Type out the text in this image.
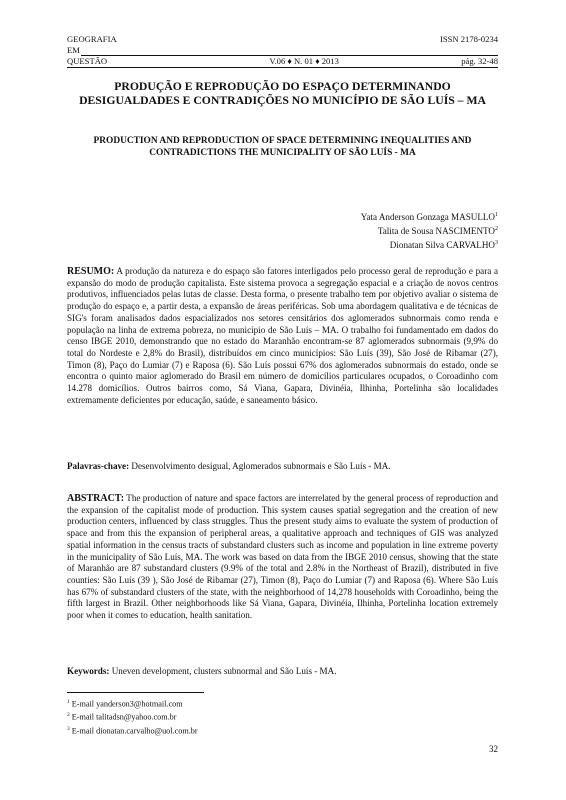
GEOGRAFIA	ISSN 2178-0234
EM
QUESTÃO	V.06 ♦ N. 01 ♦ 2013	pág. 32-48
PRODUÇÃO E REPRODUÇÃO DO ESPAÇO DETERMINANDO DESIGUALDADES E CONTRADIÇÕES NO MUNICÍPIO DE SÃO LUÍS – MA
PRODUCTION AND REPRODUCTION OF SPACE DETERMINING INEQUALITIES AND CONTRADICTIONS THE MUNICIPALITY OF SÃO LUÍS - MA
Yata Anderson Gonzaga MASULLO$^1$
Talita de Sousa NASCIMENTO$^2$
Dionatan Silva CARVALHO$^3$
RESUMO: A produção da natureza e do espaço são fatores interligados pelo processo geral de reprodução e para a expansão do modo de produção capitalista. Este sistema provoca a segregação espacial e a criação de novos centros produtivos, influenciados pelas lutas de classe. Desta forma, o presente trabalho tem por objetivo avaliar o sistema de produção do espaço e, a partir desta, a expansão de áreas periféricas. Sob uma abordagem qualitativa e de técnicas de SIG's foram analisados dados espacializados nos setores censitários dos aglomerados subnormais como renda e população na linha de extrema pobreza, no município de São Luís – MA. O trabalho foi fundamentado em dados do censo IBGE 2010, demonstrando que no estado do Maranhão encontram-se 87 aglomerados subnormais (9,9% do total do Nordeste e 2,8% do Brasil), distribuídos em cinco municípios: São Luís (39), São José de Ribamar (27), Timon (8), Paço do Lumiar (7) e Raposa (6). São Luís possui 67% dos aglomerados subnormais do estado, onde se encontra o quinto maior aglomerado do Brasil em número de domicílios particulares ocupados, o Coroadinho com 14.278 domicílios. Outros bairros como, Sá Viana, Gapara, Divinéia, Ilhinha, Portelinha são localidades extremamente deficientes por educação, saúde, e saneamento básico.
Palavras-chave: Desenvolvimento desigual, Aglomerados subnormais e São Luís - MA.
ABSTRACT: The production of nature and space factors are interrelated by the general process of reproduction and the expansion of the capitalist mode of production. This system causes spatial segregation and the creation of new production centers, influenced by class struggles. Thus the present study aims to evaluate the system of production of space and from this the expansion of peripheral areas, a qualitative approach and techniques of GIS was analyzed spatial information in the census tracts of substandard clusters such as income and population in line extreme poverty in the municipality of São Luís, MA. The work was based on data from the IBGE 2010 census, showing that the state of Maranhão are 87 substandard clusters (9.9% of the total and 2.8% in the Northeast of Brazil), distributed in five counties: São Luís (39 ), São José de Ribamar (27), Timon (8), Paço do Lumiar (7) and Raposa (6). Where São Luís has 67% of substandard clusters of the state, with the neighborhood of 14,278 households with Coroadinho, being the fifth largest in Brazil. Other neighborhoods like Sá Viana, Gapara, Divinéia, Ilhinha, Portelinha location extremely poor when it comes to education, health sanitation.
Keywords: Uneven development, clusters subnormal and São Luís - MA.
$^1$ E-mail yanderson3@hotmail.com
$^2$ E-mail talitadsn@yahoo.com.br
$^3$ E-mail dionatan.carvalho@uol.com.br
32
